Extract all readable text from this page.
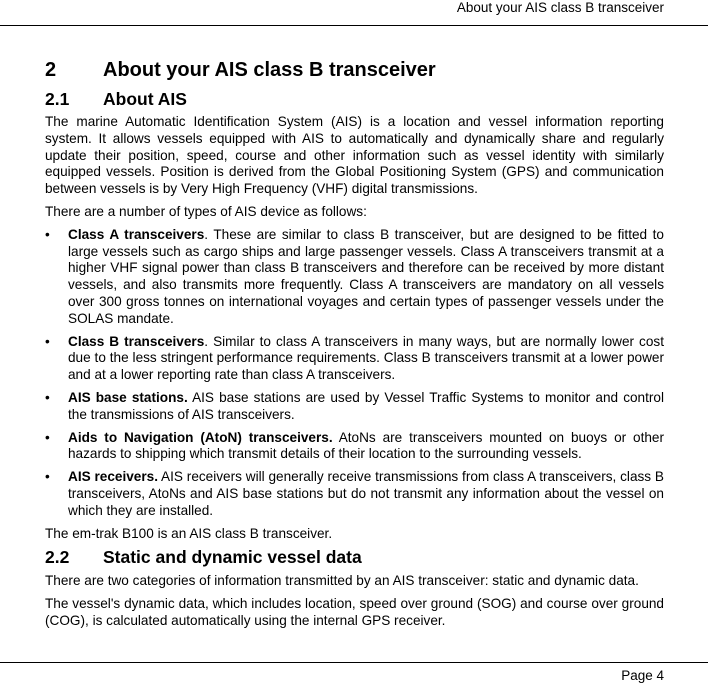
About your AIS class B transceiver
2	About your AIS class B transceiver
2.1	About AIS

The marine Automatic Identification System (AIS) is a location and vessel information reporting system. It allows vessels equipped with AIS to automatically and dynamically share and regularly update their position, speed, course and other information such as vessel identity with similarly equipped vessels. Position is derived from the Global Positioning System (GPS) and communication between vessels is by Very High Frequency (VHF) digital transmissions.

There are a number of types of AIS device as follows:

• Class A transceivers. These are similar to class B transceiver, but are designed to be fitted to large vessels such as cargo ships and large passenger vessels. Class A transceivers transmit at a higher VHF signal power than class B transceivers and therefore can be received by more distant vessels, and also transmits more frequently. Class A transceivers are mandatory on all vessels over 300 gross tonnes on international voyages and certain types of passenger vessels under the SOLAS mandate.
• Class B transceivers. Similar to class A transceivers in many ways, but are normally lower cost due to the less stringent performance requirements. Class B transceivers transmit at a lower power and at a lower reporting rate than class A transceivers.
• AIS base stations. AIS base stations are used by Vessel Traffic Systems to monitor and control the transmissions of AIS transceivers.
• Aids to Navigation (AtoN) transceivers. AtoNs are transceivers mounted on buoys or other hazards to shipping which transmit details of their location to the surrounding vessels.
• AIS receivers. AIS receivers will generally receive transmissions from class A transceivers, class B transceivers, AtoNs and AIS base stations but do not transmit any information about the vessel on which they are installed.

The em-trak B100 is an AIS class B transceiver.

2.2	Static and dynamic vessel data

There are two categories of information transmitted by an AIS transceiver: static and dynamic data.

The vessel's dynamic data, which includes location, speed over ground (SOG) and course over ground (COG), is calculated automatically using the internal GPS receiver.

Page 4
